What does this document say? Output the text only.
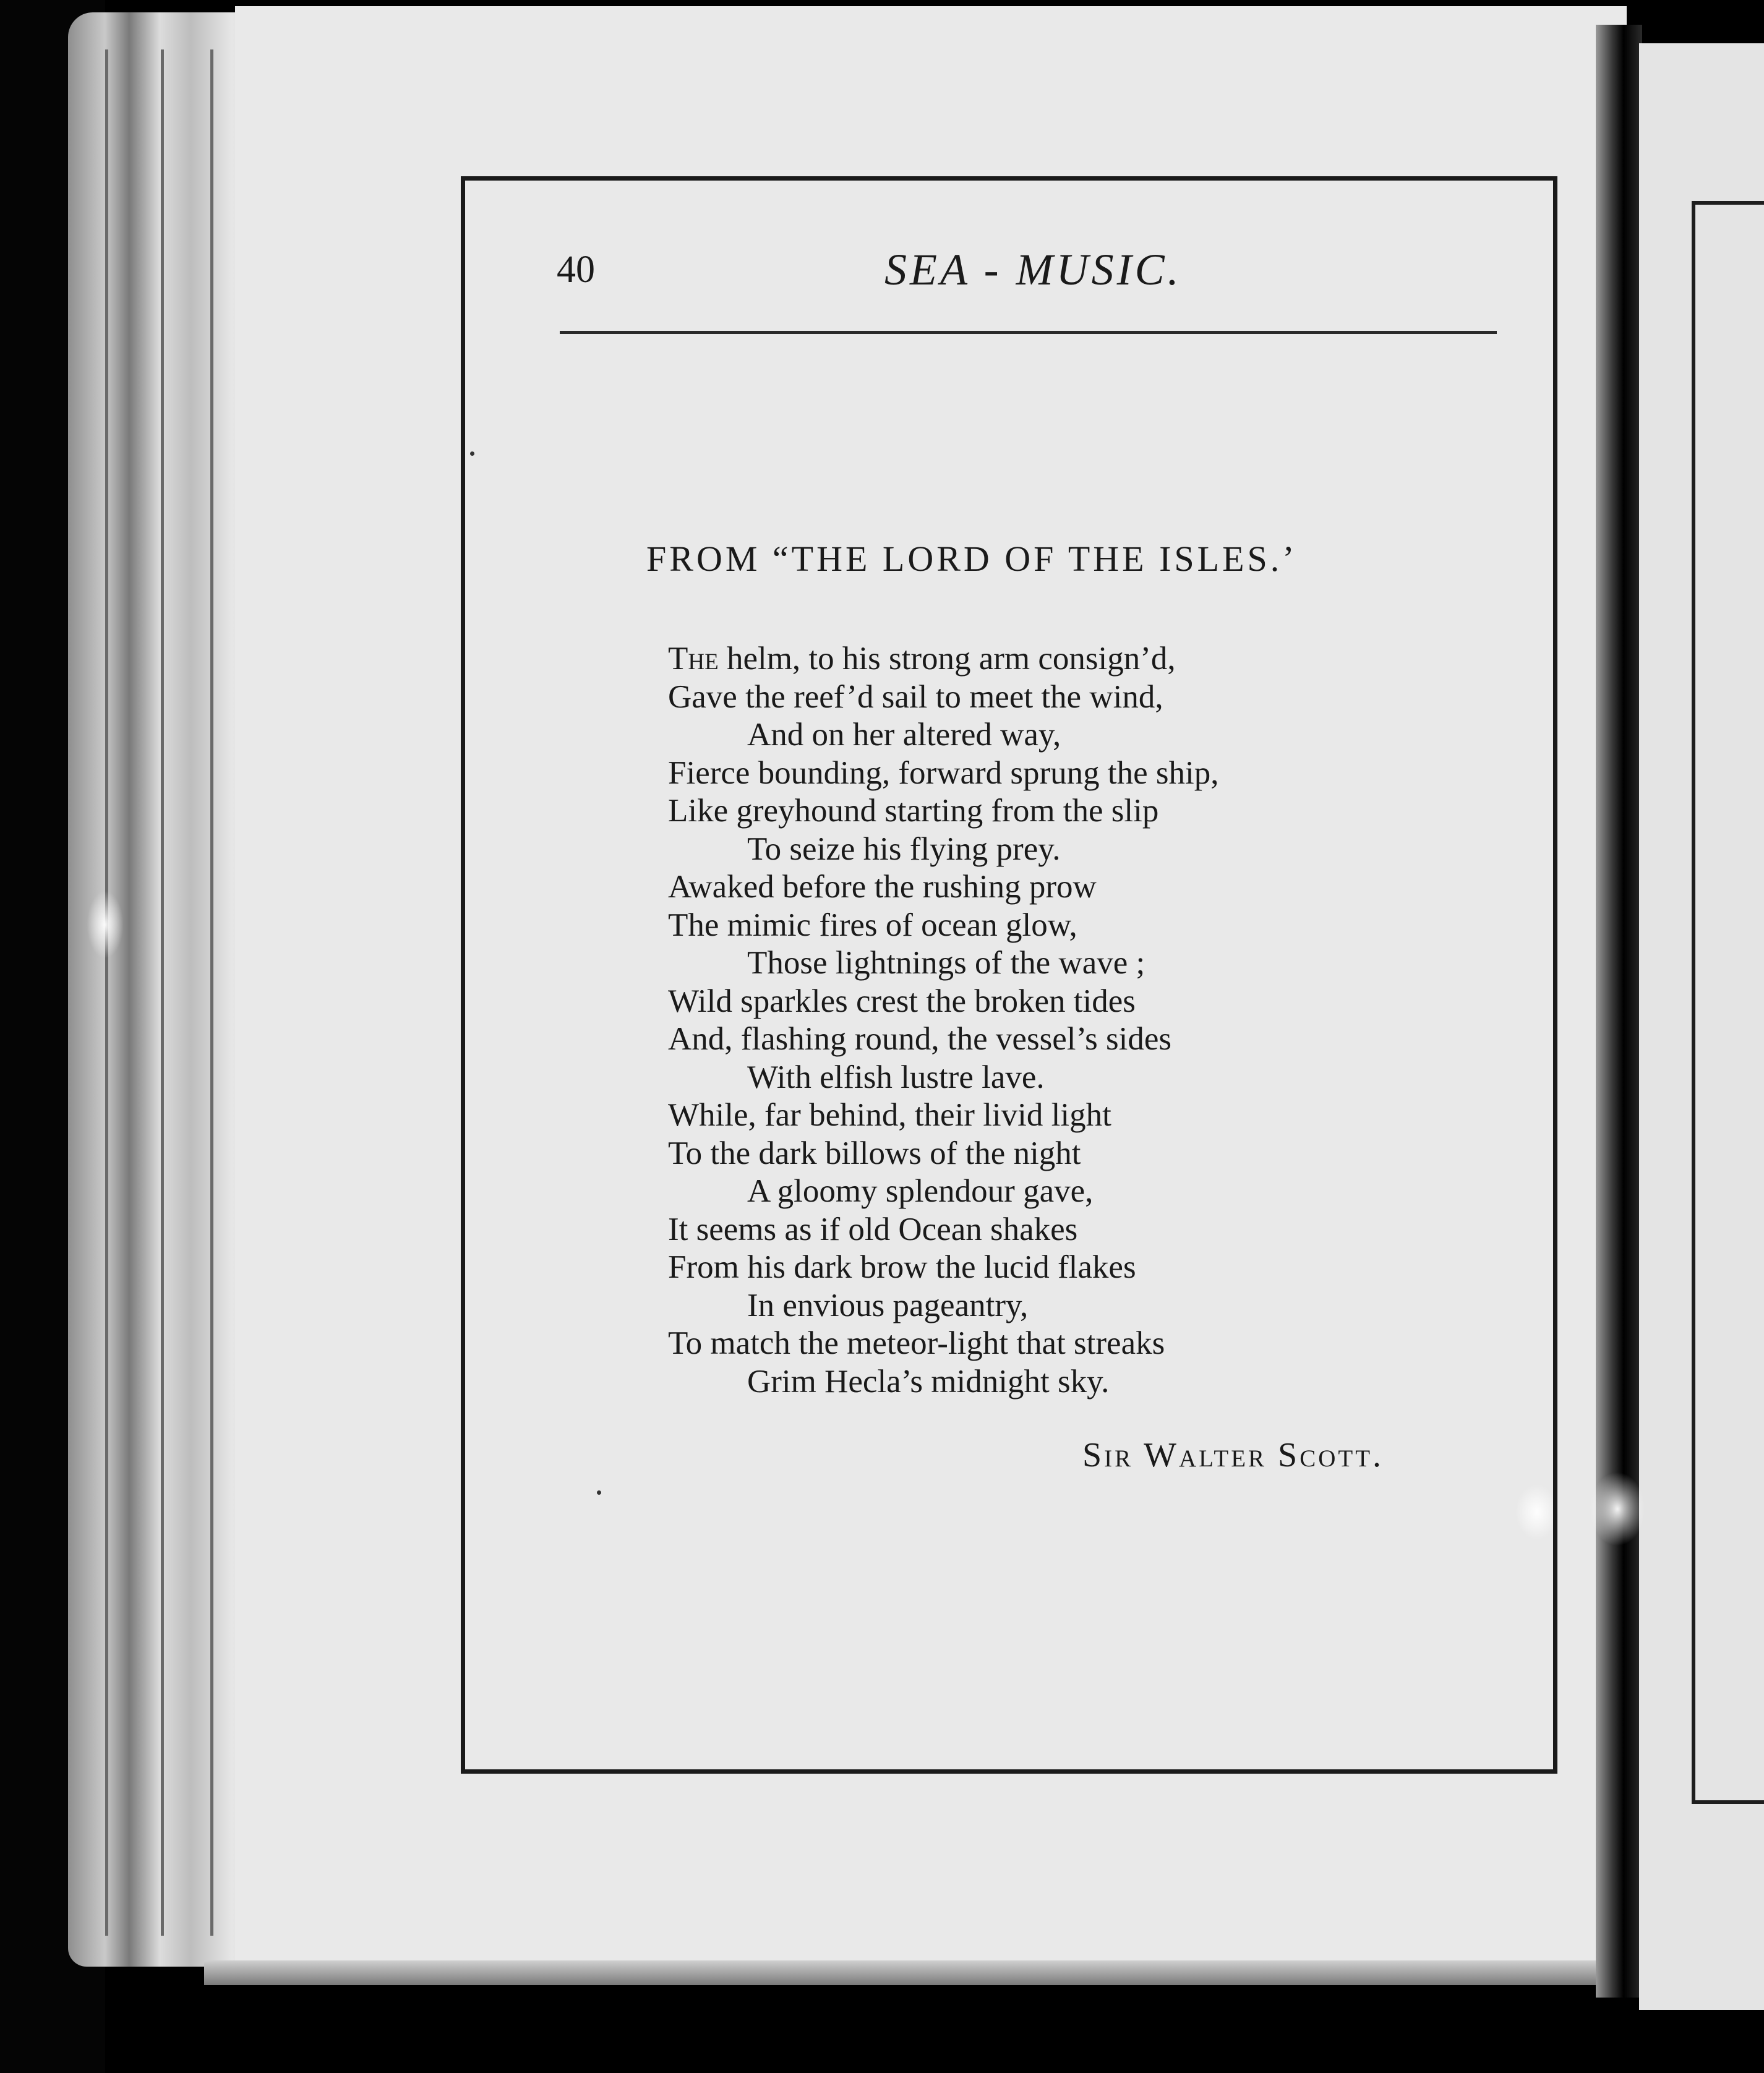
40	SEA - MUSIC.

FROM “THE LORD OF THE ISLES.’

The helm, to his strong arm consign’d,
Gave the reef’d sail to meet the wind,
And on her altered way,
Fierce bounding, forward sprung the ship,
Like greyhound starting from the slip
To seize his flying prey.
Awaked before the rushing prow
The mimic fires of ocean glow,
Those lightnings of the wave ;
Wild sparkles crest the broken tides
And, flashing round, the vessel’s sides
With elfish lustre lave.
While, far behind, their livid light
To the dark billows of the night
A gloomy splendour gave,
It seems as if old Ocean shakes
From his dark brow the lucid flakes
In envious pageantry,
To match the meteor-light that streaks
Grim Hecla’s midnight sky.

Sir Walter Scott.
